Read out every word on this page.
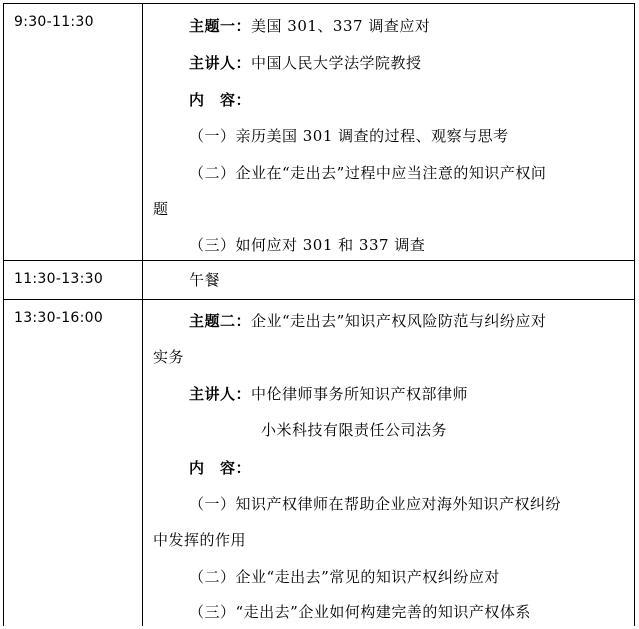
9:30-11:30	主题一：美国 301、337 调查应对
主讲人：中国人民大学法学院教授
内　容：
（一）亲历美国 301 调查的过程、观察与思考
（二）企业在“走出去”过程中应当注意的知识产权问
题
（三）如何应对 301 和 337 调查
11:30-13:30	午餐
13:30-16:00	主题二：企业“走出去”知识产权风险防范与纠纷应对
实务
主讲人：中伦律师事务所知识产权部律师
小米科技有限责任公司法务
内　容：
（一）知识产权律师在帮助企业应对海外知识产权纠纷
中发挥的作用
（二）企业“走出去”常见的知识产权纠纷应对
（三）“走出去”企业如何构建完善的知识产权体系
